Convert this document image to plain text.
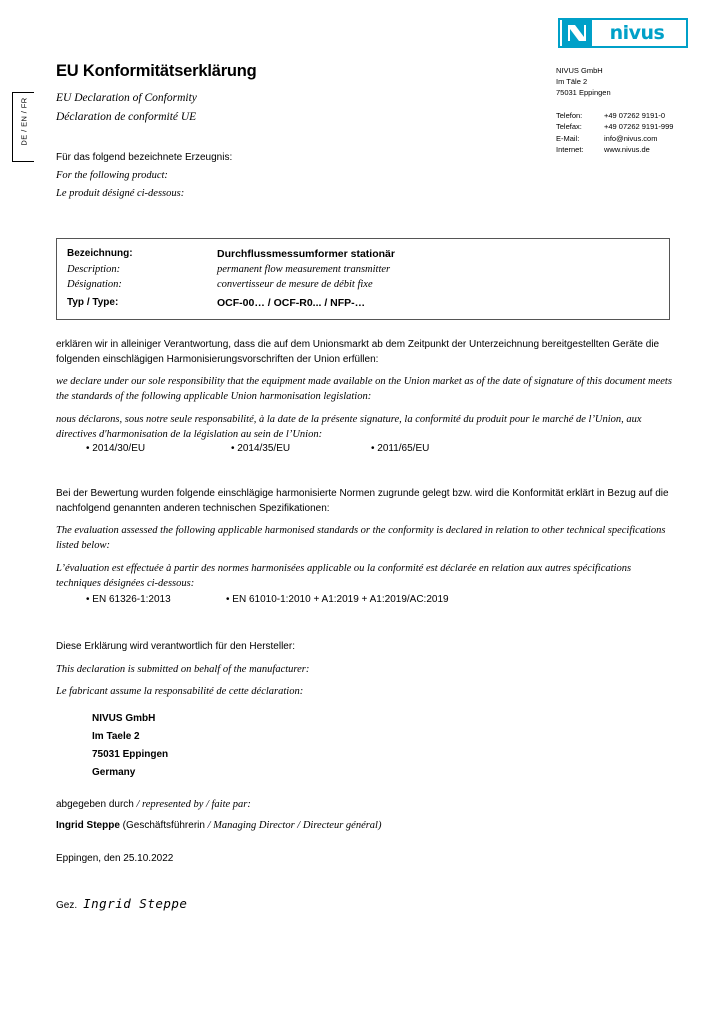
DE / EN / FR
nivus
NIVUS GmbH
Im Täle 2
75031 Eppingen
Telefon:	+49 07262 9191-0
Telefax:	+49 07262 9191-999
E-Mail:	info@nivus.com
Internet:	www.nivus.de
EU Konformitätserklärung
EU Declaration of Conformity
Déclaration de conformité UE
Für das folgend bezeichnete Erzeugnis:
For the following product:
Le produit désigné ci-dessous:
Bezeichnung:	Durchflussmessumformer stationär
Description:	permanent flow measurement transmitter
Désignation:	convertisseur de mesure de débit fixe
Typ / Type:	OCF-00… / OCF-R0... / NFP-…
erklären wir in alleiniger Verantwortung, dass die auf dem Unionsmarkt ab dem Zeitpunkt der Unterzeichnung bereitgestellten Geräte die folgenden einschlägigen Harmonisierungsvorschriften der Union erfüllen:
we declare under our sole responsibility that the equipment made available on the Union market as of the date of signature of this document meets the standards of the following applicable Union harmonisation legislation:
nous déclarons, sous notre seule responsabilité, à la date de la présente signature, la conformité du produit pour le marché de l’Union, aux directives d'harmonisation de la législation au sein de l’Union:
• 2014/30/EU	• 2014/35/EU	• 2011/65/EU
Bei der Bewertung wurden folgende einschlägige harmonisierte Normen zugrunde gelegt bzw. wird die Konformität erklärt in Bezug auf die nachfolgend genannten anderen technischen Spezifikationen:
The evaluation assessed the following applicable harmonised standards or the conformity is declared in relation to other technical specifications listed below:
L’évaluation est effectuée à partir des normes harmonisées applicable ou la conformité est déclarée en relation aux autres spécifications techniques désignées ci-dessous:
• EN 61326-1:2013	• EN 61010-1:2010 + A1:2019 + A1:2019/AC:2019
Diese Erklärung wird verantwortlich für den Hersteller:
This declaration is submitted on behalf of the manufacturer:
Le fabricant assume la responsabilité de cette déclaration:
NIVUS GmbH
Im Taele 2
75031 Eppingen
Germany
abgegeben durch / represented by / faite par:
Ingrid Steppe (Geschäftsführerin / Managing Director / Directeur général)
Eppingen, den 25.10.2022
Gez. Ingrid Steppe
